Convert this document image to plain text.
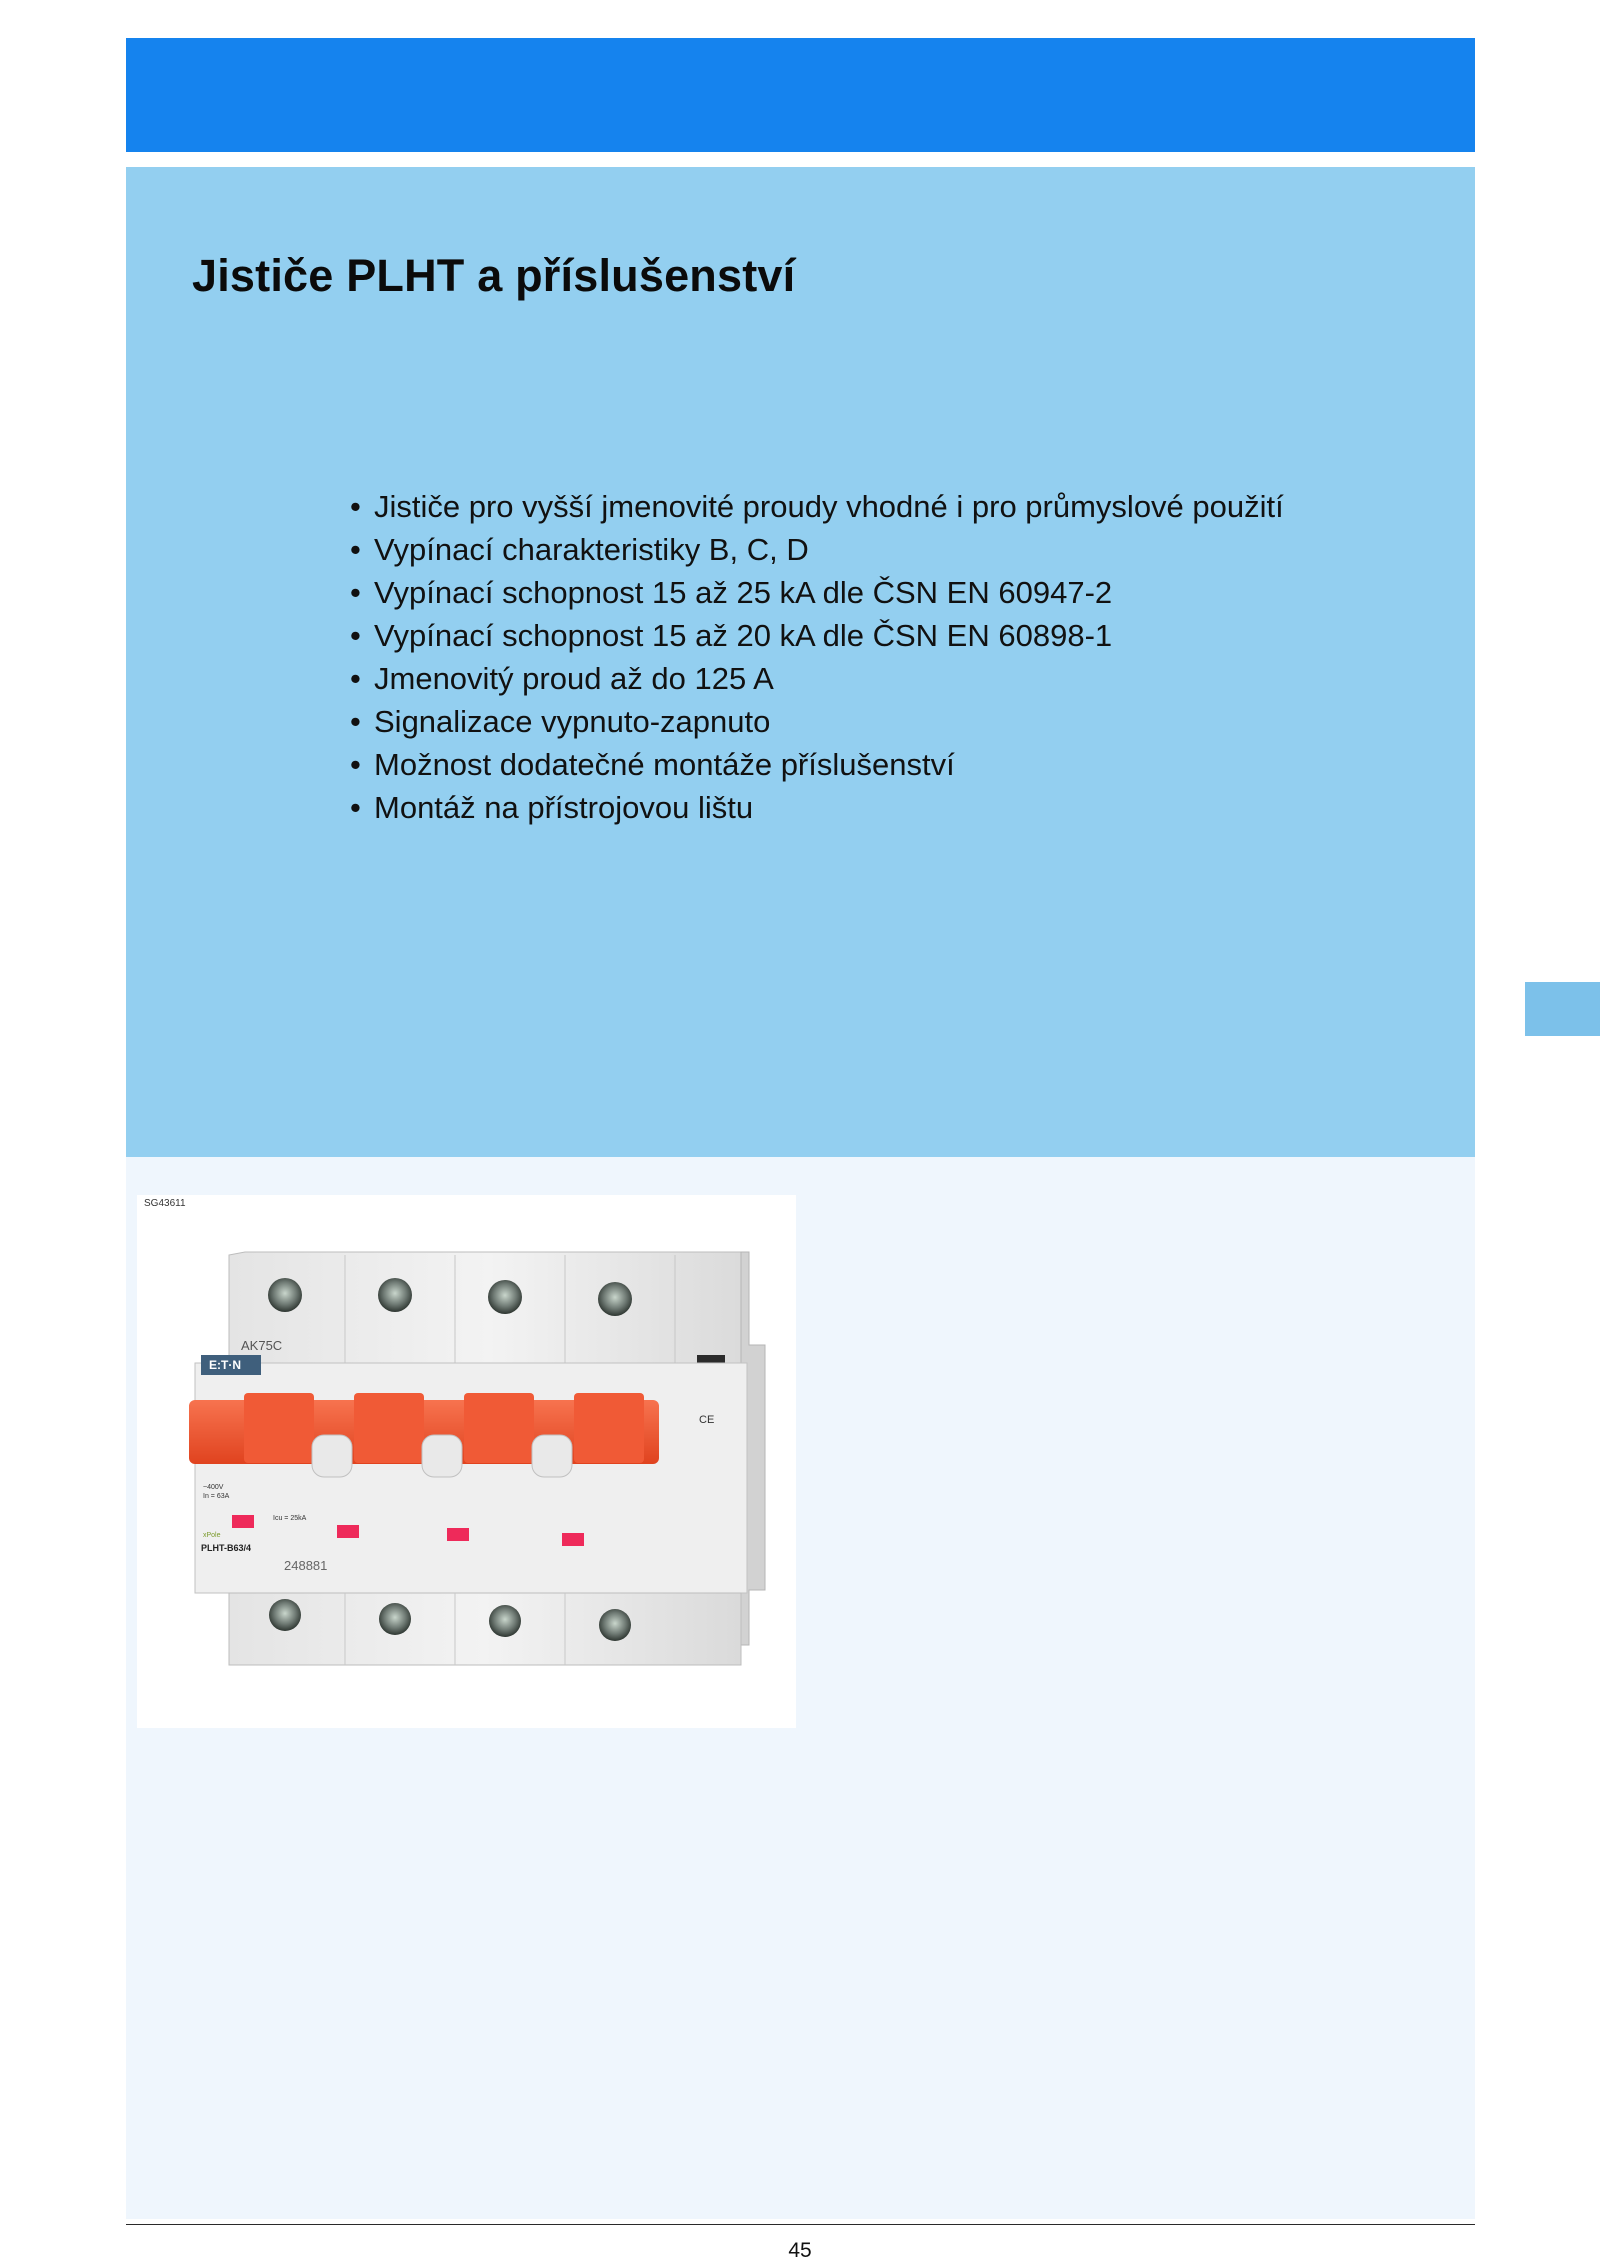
Jističe PLHT a příslušenství
• Jističe pro vyšší jmenovité proudy vhodné i pro průmyslové použití
• Vypínací charakteristiky B, C, D
• Vypínací schopnost 15 až 25 kA dle ČSN EN 60947-2
• Vypínací schopnost 15 až 20 kA dle ČSN EN 60898-1
• Jmenovitý proud až do 125 A
• Signalizace vypnuto-zapnuto
• Možnost dodatečné montáže příslušenství
• Montáž na přístrojovou lištu
E:T·N
AK75C
~400V
In = 63A
Icu = 25kA
xPole
PLHT-B63/4
248881
CE
SG43611
45
